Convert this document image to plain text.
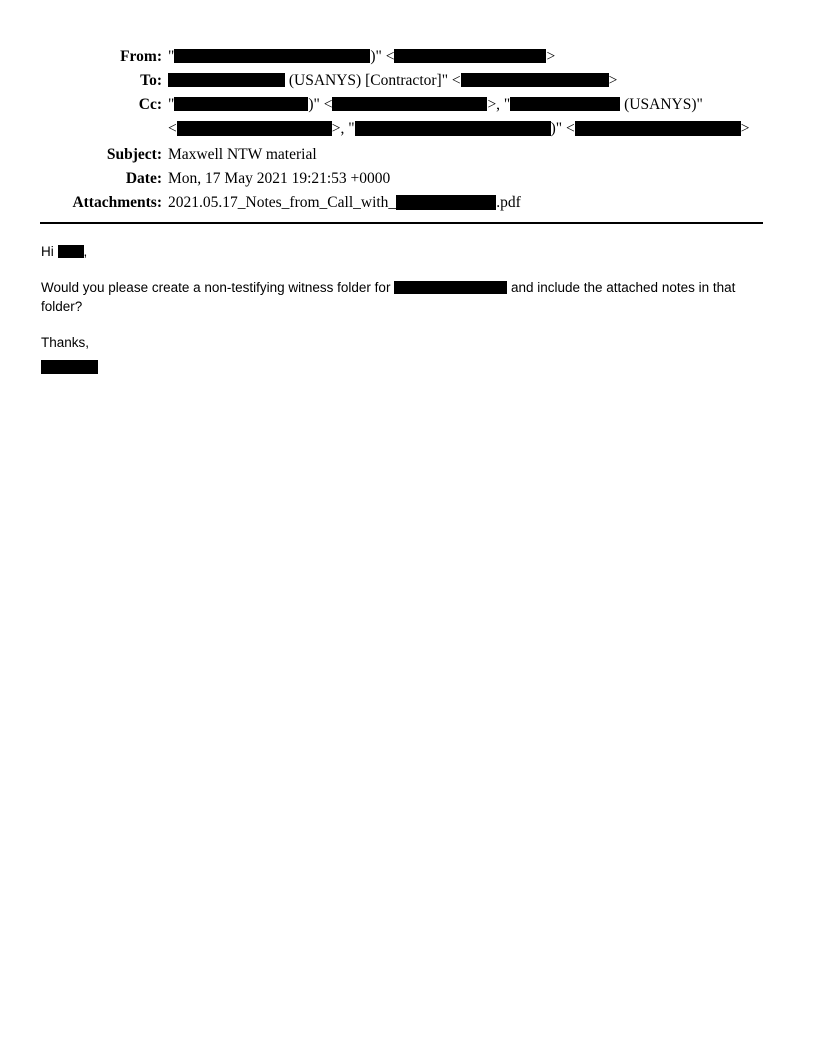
From: "	)" <	>
To:	(USANYS) [Contractor]" <	>
Cc: "	)" <	>, "	(USANYS)"
<	>, "	)" <	>
Subject: Maxwell NTW material
Date: Mon, 17 May 2021 19:21:53 +0000
Attachments: 2021.05.17_Notes_from_Call_with_	.pdf

Hi ,

Would you please create a non-testifying witness folder for	and include the attached notes in that folder?

Thanks,
